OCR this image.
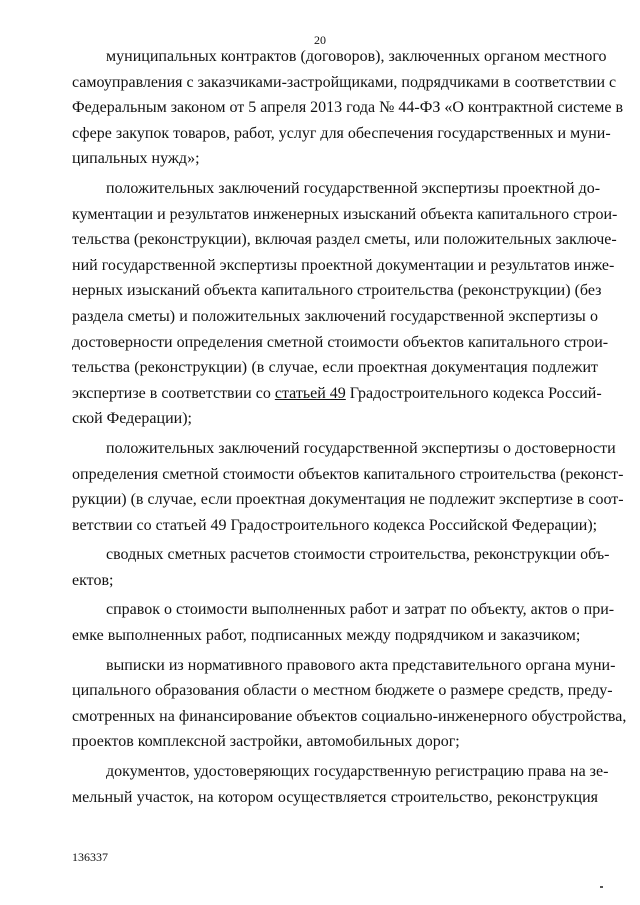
20

муниципальных контрактов (договоров), заключенных органом местного

самоуправления с заказчиками-застройщиками, подрядчиками в соответствии с

Федеральным законом от 5 апреля 2013 года № 44-ФЗ «О контрактной системе в

сфере закупок товаров, работ, услуг для обеспечения государственных и муни-

ципальных нужд»;

положительных заключений государственной экспертизы проектной до-

кументации и результатов инженерных изысканий объекта капитального строи-

тельства (реконструкции), включая раздел сметы, или положительных заключе-

ний государственной экспертизы проектной документации и результатов инже-

нерных изысканий объекта капитального строительства (реконструкции) (без

раздела сметы) и положительных заключений государственной экспертизы о

достоверности определения сметной стоимости объектов капитального строи-

тельства (реконструкции) (в случае, если проектная документация подлежит

экспертизе в соответствии со статьей 49 Градостроительного кодекса Россий-

ской Федерации);

положительных заключений государственной экспертизы о достоверности

определения сметной стоимости объектов капитального строительства (реконст-

рукции) (в случае, если проектная документация не подлежит экспертизе в соот-

ветствии со статьей 49 Градостроительного кодекса Российской Федерации);

сводных сметных расчетов стоимости строительства, реконструкции объ-

ектов;

справок о стоимости выполненных работ и затрат по объекту, актов о при-

емке выполненных работ, подписанных между подрядчиком и заказчиком;

выписки из нормативного правового акта представительного органа муни-

ципального образования области о местном бюджете о размере средств, преду-

смотренных на финансирование объектов социально-инженерного обустройства,

проектов комплексной застройки, автомобильных дорог;

документов, удостоверяющих государственную регистрацию права на зе-

мельный участок, на котором осуществляется строительство, реконструкция

136337
